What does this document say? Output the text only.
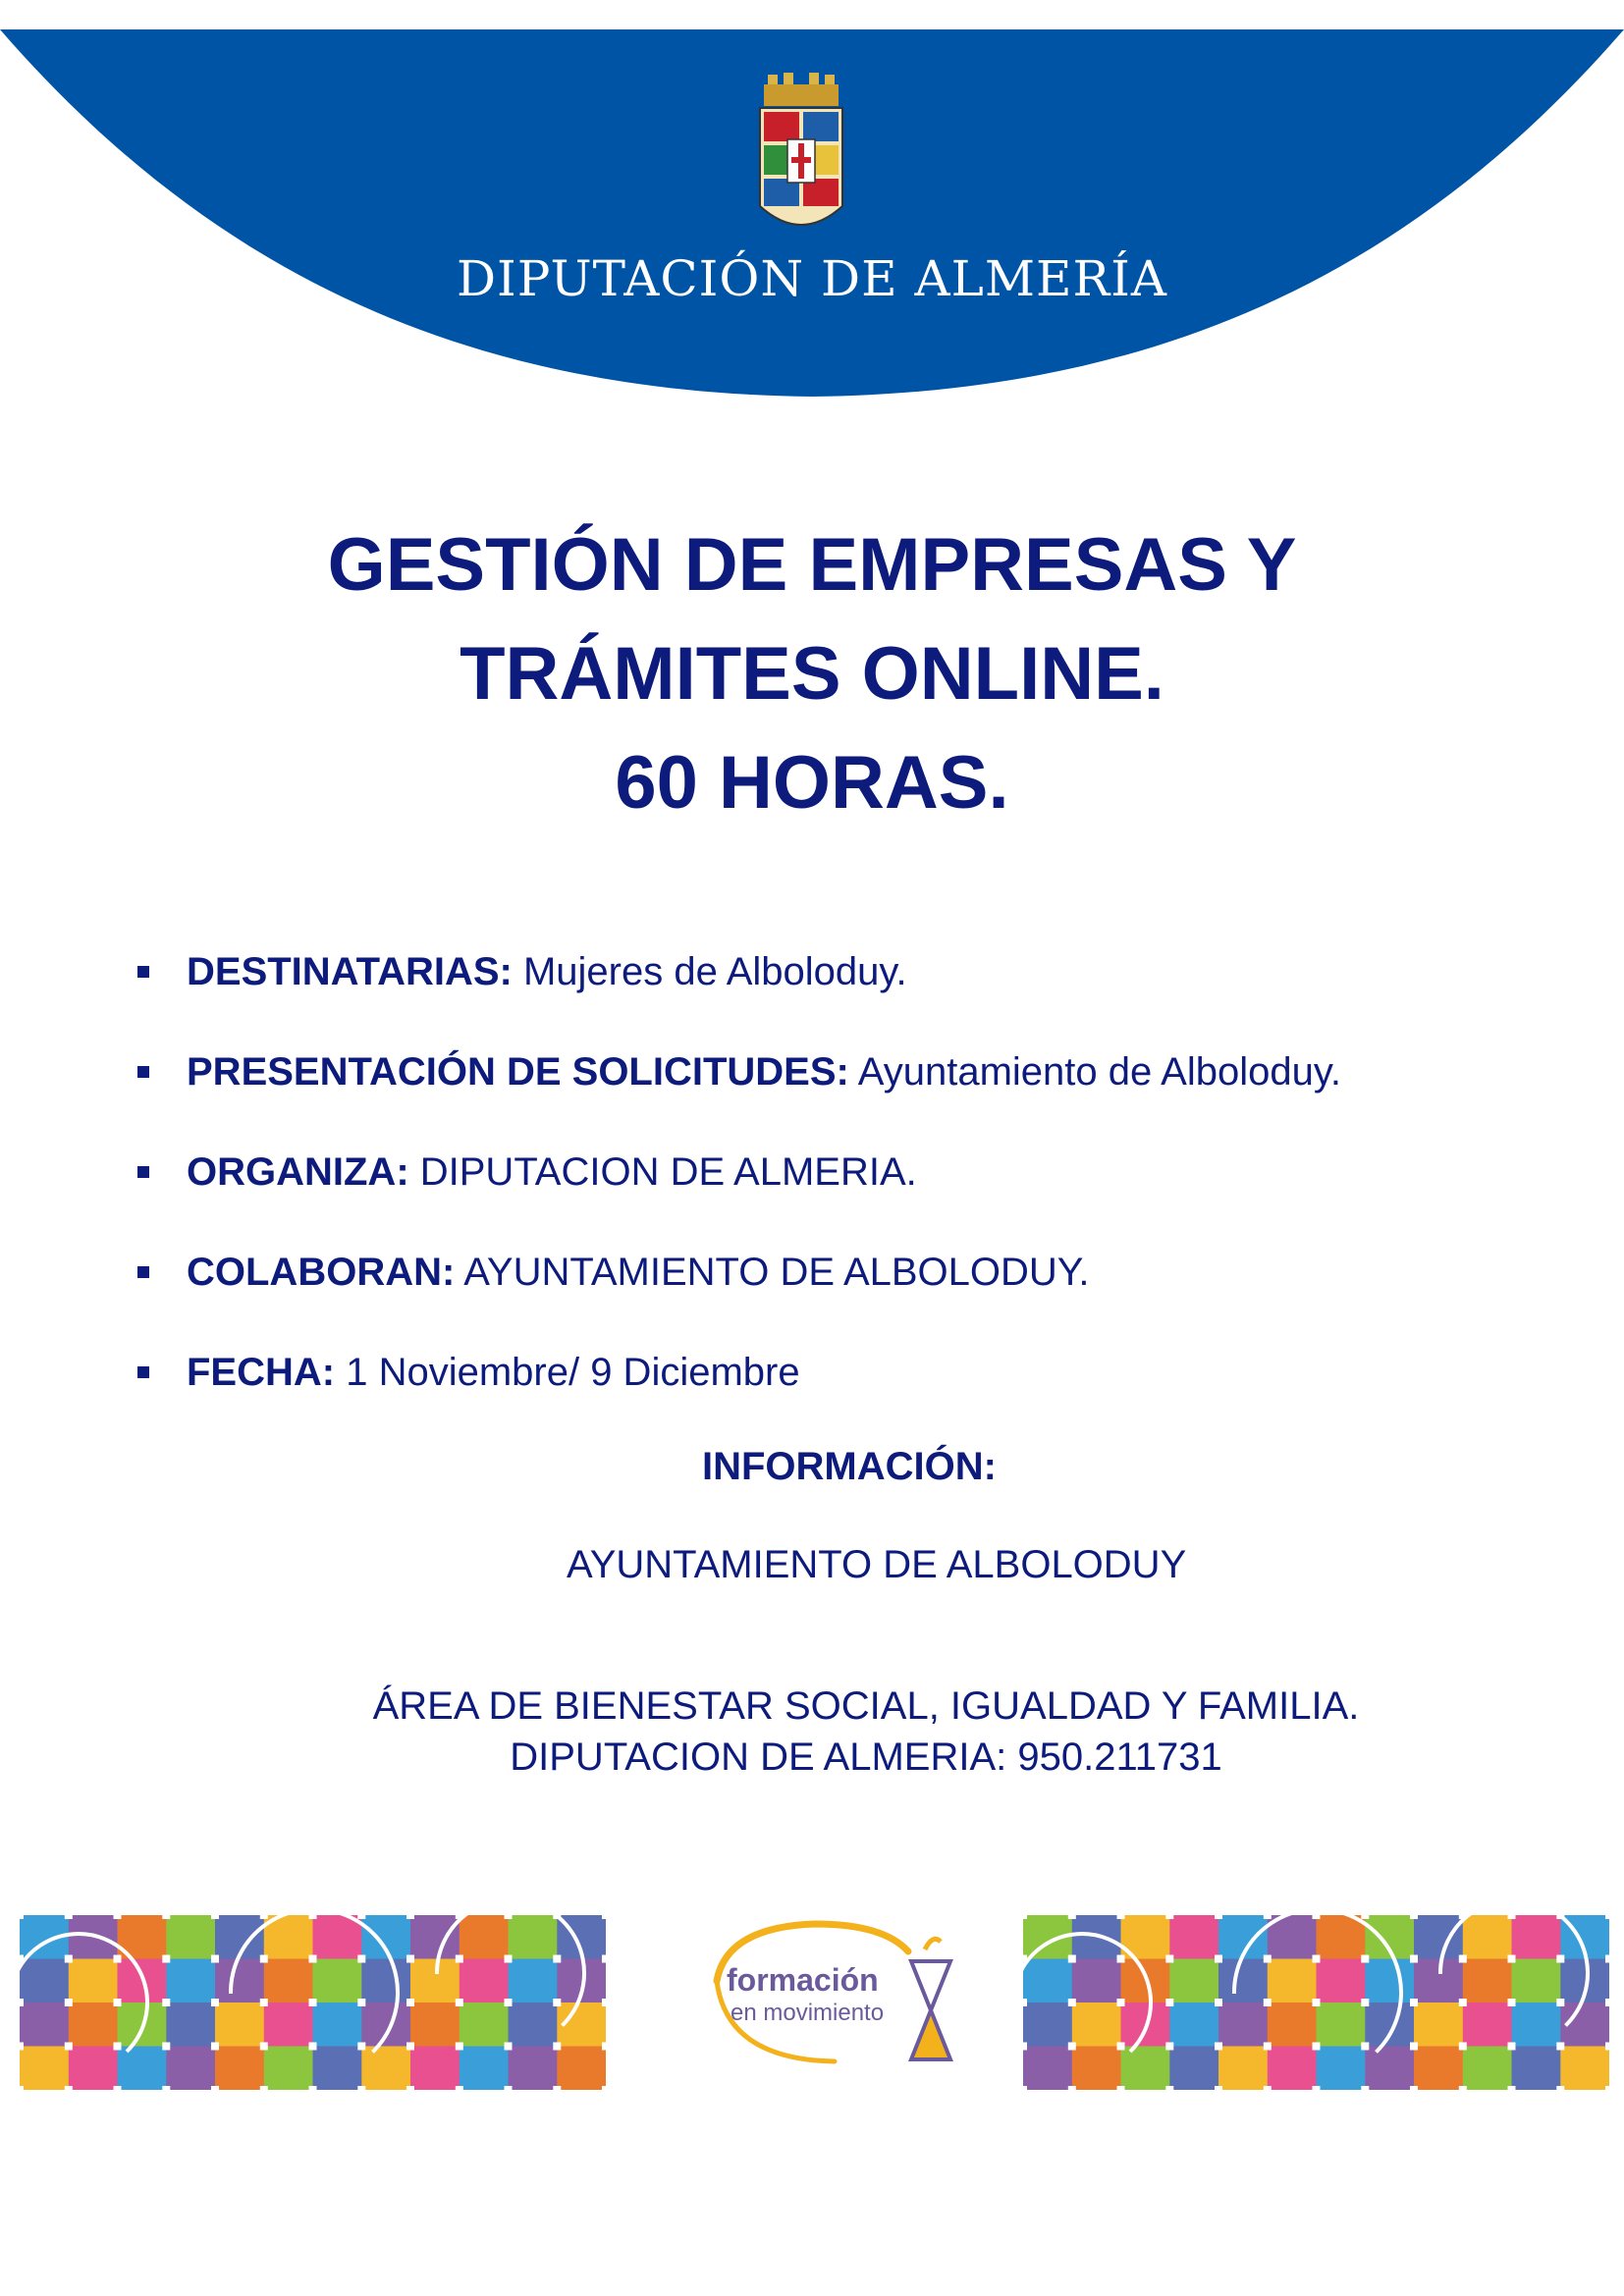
DIPUTACIÓN DE ALMERÍA
GESTIÓN DE EMPRESAS Y
TRÁMITES ONLINE.
60 HORAS.
DESTINATARIAS: Mujeres de Alboloduy.
PRESENTACIÓN DE SOLICITUDES: Ayuntamiento de Alboloduy.
ORGANIZA: DIPUTACION DE ALMERIA.
COLABORAN: AYUNTAMIENTO DE ALBOLODUY.
FECHA: 1 Noviembre/ 9 Diciembre
INFORMACIÓN:
AYUNTAMIENTO DE ALBOLODUY
ÁREA DE BIENESTAR SOCIAL, IGUALDAD Y FAMILIA.
DIPUTACION DE ALMERIA: 950.211731
formación
en movimiento
